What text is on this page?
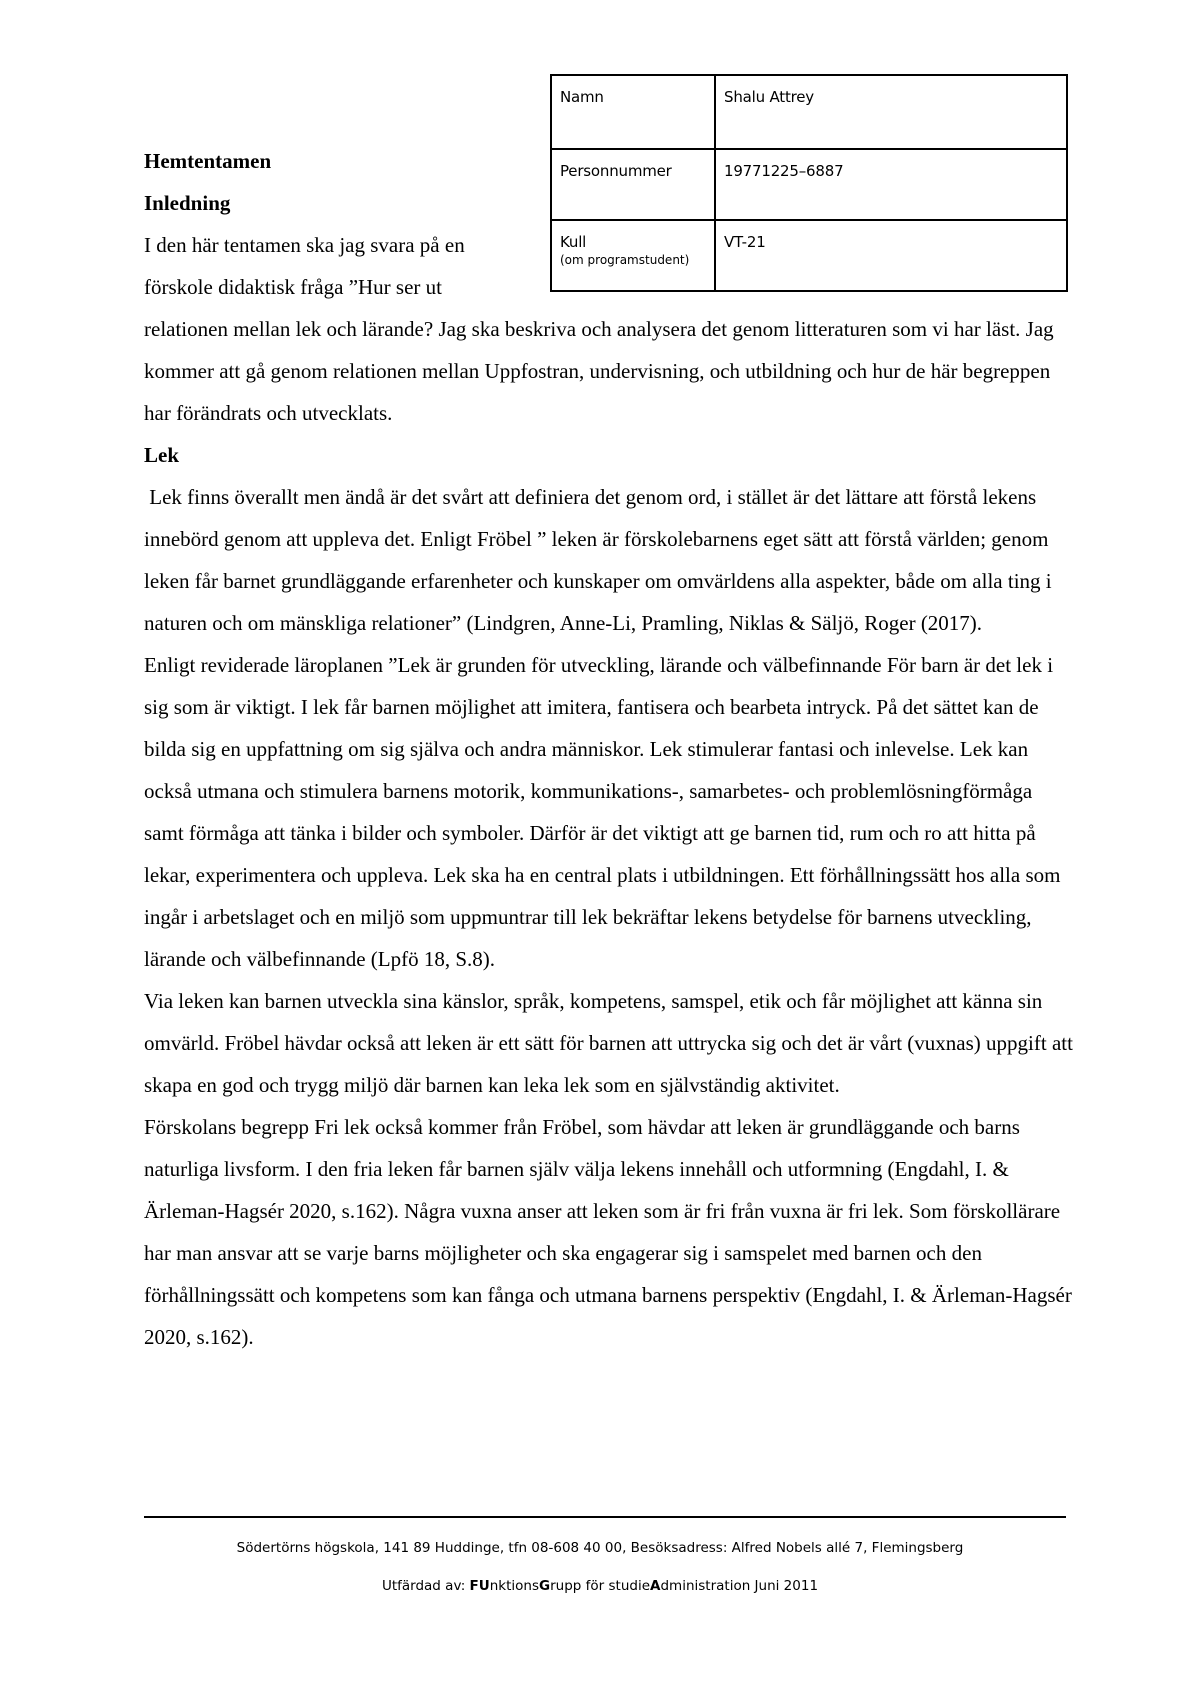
Namn	Shalu Attrey

Personnummer	19771225–6887

Kull
(om programstudent)	VT-21
Hemtentamen
Inledning

I den här tentamen ska jag svara på en förskole didaktisk fråga ”Hur ser ut relationen mellan lek och lärande? Jag ska beskriva och analysera det genom litteraturen som vi har läst. Jag kommer att gå genom relationen mellan Uppfostran, undervisning, och utbildning och hur de här begreppen har förändrats och utvecklats.

Lek

Lek finns överallt men ändå är det svårt att definiera det genom ord, i stället är det lättare att förstå lekens innebörd genom att uppleva det. Enligt Fröbel ” leken är förskolebarnens eget sätt att förstå världen; genom leken får barnet grundläggande erfarenheter och kunskaper om omvärldens alla aspekter, både om alla ting i naturen och om mänskliga relationer” (Lindgren, Anne-Li, Pramling, Niklas & Säljö, Roger (2017).

Enligt reviderade läroplanen ”Lek är grunden för utveckling, lärande och välbefinnande För barn är det lek i sig som är viktigt. I lek får barnen möjlighet att imitera, fantisera och bearbeta intryck. På det sättet kan de bilda sig en uppfattning om sig själva och andra människor. Lek stimulerar fantasi och inlevelse. Lek kan också utmana och stimulera barnens motorik, kommunikations-, samarbetes- och problemlösningförmåga samt förmåga att tänka i bilder och symboler. Därför är det viktigt att ge barnen tid, rum och ro att hitta på lekar, experimentera och uppleva. Lek ska ha en central plats i utbildningen. Ett förhållningssätt hos alla som ingår i arbetslaget och en miljö som uppmuntrar till lek bekräftar lekens betydelse för barnens utveckling, lärande och välbefinnande (Lpfö 18, S.8).

Via leken kan barnen utveckla sina känslor, språk, kompetens, samspel, etik och får möjlighet att känna sin omvärld. Fröbel hävdar också att leken är ett sätt för barnen att uttrycka sig och det är vårt (vuxnas) uppgift att skapa en god och trygg miljö där barnen kan leka lek som en självständig aktivitet.

Förskolans begrepp Fri lek också kommer från Fröbel, som hävdar att leken är grundläggande och barns naturliga livsform. I den fria leken får barnen själv välja lekens innehåll och utformning (Engdahl, I. & Ärleman-Hagsér 2020, s.162). Några vuxna anser att leken som är fri från vuxna är fri lek. Som förskollärare har man ansvar att se varje barns möjligheter och ska engagerar sig i samspelet med barnen och den förhållningssätt och kompetens som kan fånga och utmana barnens perspektiv (Engdahl, I. & Ärleman-Hagsér 2020, s.162).

Södertörns högskola, 141 89 Huddinge, tfn 08-608 40 00, Besöksadress: Alfred Nobels allé 7, Flemingsberg
Utfärdad av: FUnktionsGrupp för studieAdministration Juni 2011
